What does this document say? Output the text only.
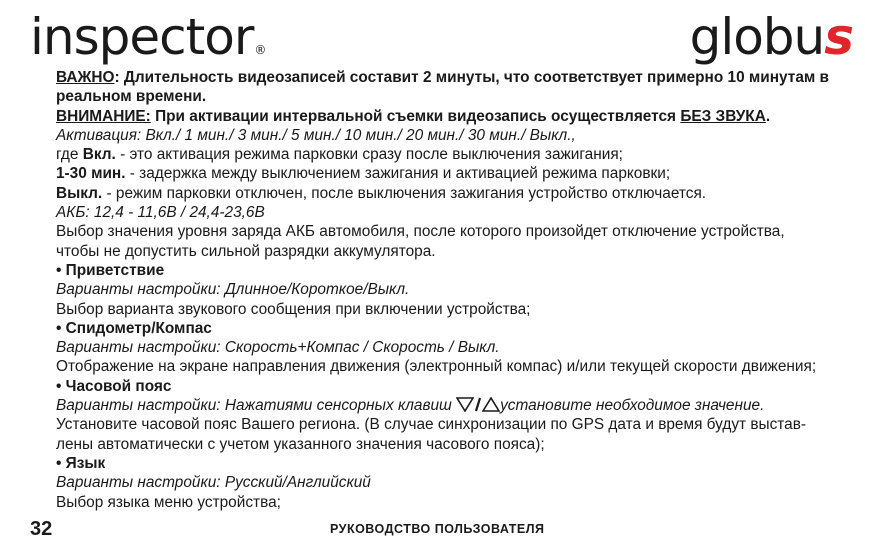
inspector®	globus

ВАЖНО: Длительность видеозаписей составит 2 минуты, что соответствует примерно 10 минутам в

реальном времени.

ВНИМАНИЕ: При активации интервальной съемки видеозапись осуществляется БЕЗ ЗВУКА.

Активация: Вкл./ 1 мин./ 3 мин./ 5 мин./ 10 мин./ 20 мин./ 30 мин./ Выкл.,

где Вкл. - это активация режима парковки сразу после выключения зажигания;

1-30 мин. - задержка между выключением зажигания и активацией режима парковки;

Выкл. - режим парковки отключен, после выключения зажигания устройство отключается.

АКБ: 12,4 - 11,6В / 24,4-23,6В

Выбор значения уровня заряда АКБ автомобиля, после которого произойдет отключение устройства,

чтобы не допустить сильной разрядки аккумулятора.

• Приветствие

Варианты настройки: Длинное/Короткое/Выкл.

Выбор варианта звукового сообщения при включении устройства;

• Спидометр/Компас

Варианты настройки: Скорость+Компас / Скорость / Выкл.

Отображение на экране направления движения (электронный компас) и/или текущей скорости движения;

• Часовой пояс

Варианты настройки: Нажатиями сенсорных клавиш	установите необходимое значение.

Установите часовой пояс Вашего региона. (В случае синхронизации по GPS дата и время будут выстав-

лены автоматически с учетом указанного значения часового пояса);

• Язык

Варианты настройки: Русский/Английский

Выбор языка меню устройства;

32	РУКОВОДСТВО ПОЛЬЗОВАТЕЛЯ
